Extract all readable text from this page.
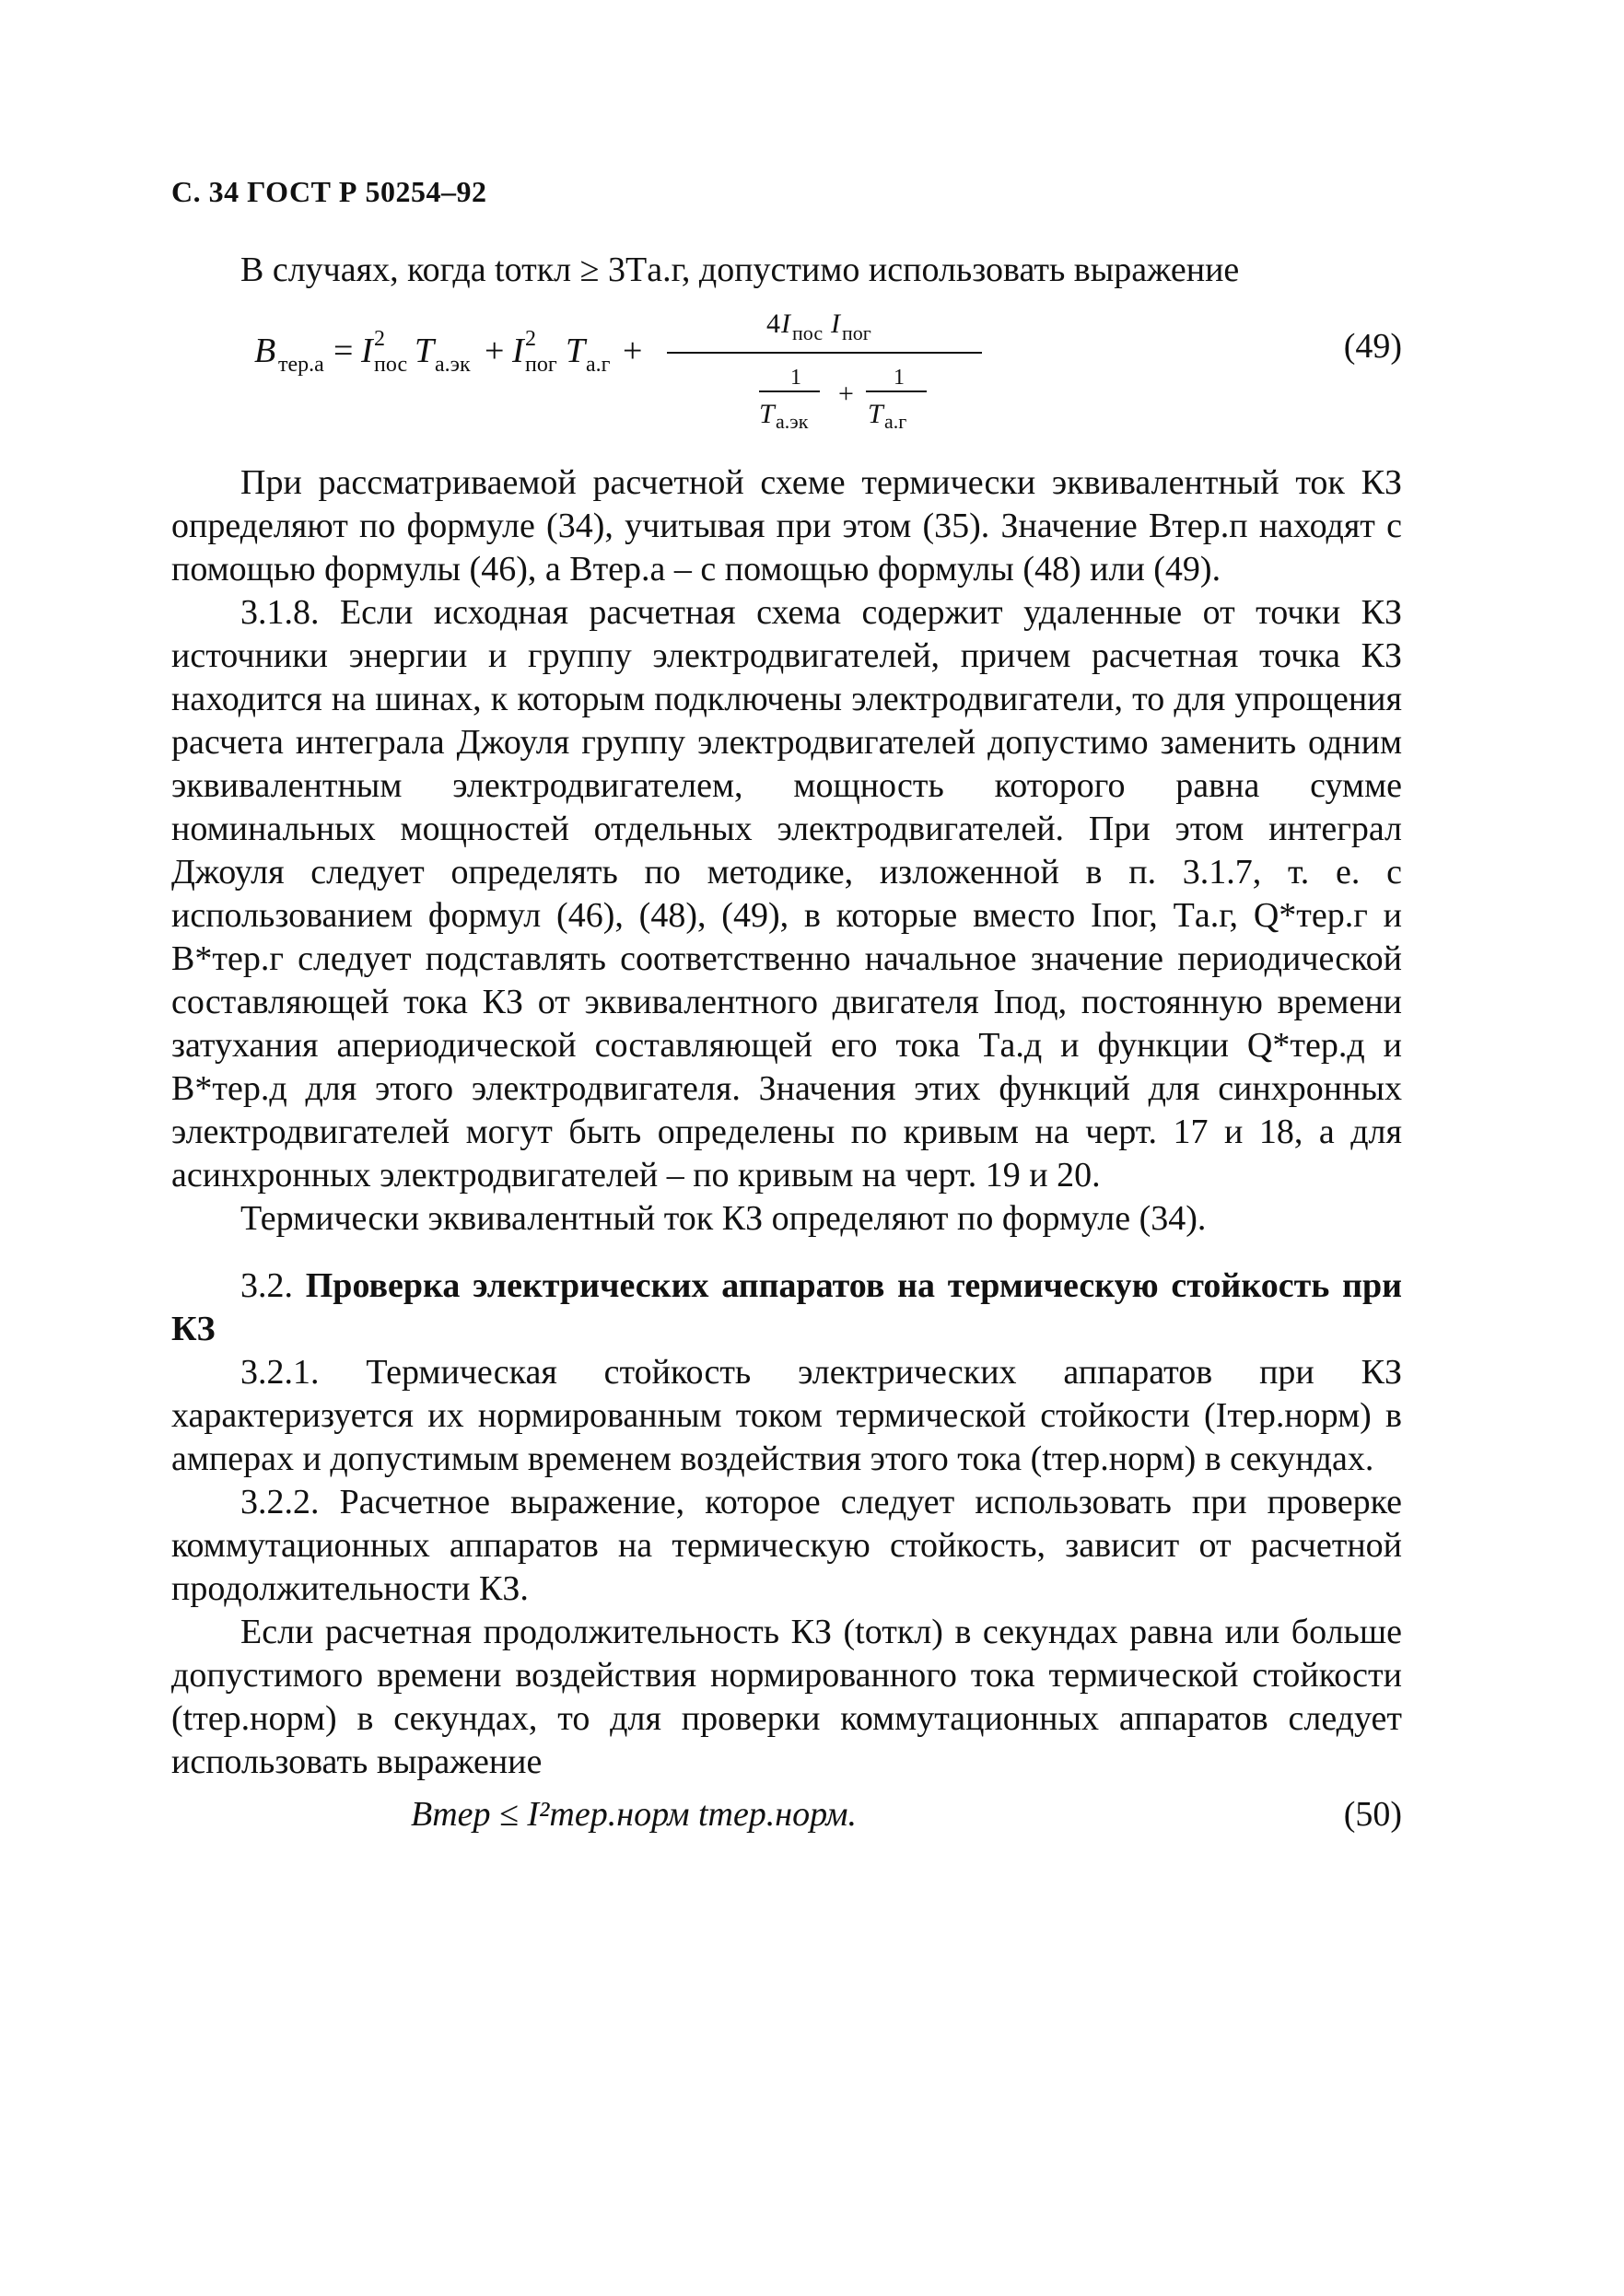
С. 34 ГОСТ Р 50254–92

В случаях, когда tоткл ≥ 3Tа.г, допустимо использовать выражение

B тер.а = I 2
пос T а.эк + I 2
пог T а.г +
4 I пос I пог
1
T а.эк
+
1
T а.г
(49)

При рассматриваемой расчетной схеме термически эквивалентный ток КЗ определяют по формуле (34), учитывая при этом (35). Значение Bтер.п находят с помощью формулы (46), а Bтер.а – с помощью формулы (48) или (49).

3.1.8. Если исходная расчетная схема содержит удаленные от точки КЗ источники энергии и группу электродвигателей, причем расчетная точка КЗ находится на шинах, к которым подключены электродвигатели, то для упрощения расчета интеграла Джоуля группу электродвигателей допустимо заменить одним эквивалентным электродвигателем, мощность которого равна сумме номинальных мощностей отдельных электродвигателей. При этом интеграл Джоуля следует определять по методике, изложенной в п. 3.1.7, т. е. с использованием формул (46), (48), (49), в которые вместо Iпог, Tа.г, Q*тер.г и B*тер.г следует подставлять соответственно начальное значение периодической составляющей тока КЗ от эквивалентного двигателя Iпод, постоянную времени затухания апериодической составляющей его тока Tа.д и функции Q*тер.д и B*тер.д для этого электродвигателя. Значения этих функций для синхронных электродвигателей могут быть определены по кривым на черт. 17 и 18, а для асинхронных электродвигателей – по кривым на черт. 19 и 20.

Термически эквивалентный ток КЗ определяют по формуле (34).

3.2. Проверка электрических аппаратов на термическую стойкость при КЗ

3.2.1. Термическая стойкость электрических аппаратов при КЗ характеризуется их нормированным током термической стойкости (Iтер.норм) в амперах и допустимым временем воздействия этого тока (tтер.норм) в секундах.

3.2.2. Расчетное выражение, которое следует использовать при проверке коммутационных аппаратов на термическую стойкость, зависит от расчетной продолжительности КЗ.

Если расчетная продолжительность КЗ (tоткл) в секундах равна или больше допустимого времени воздействия нормированного тока термической стойкости (tтер.норм) в секундах, то для проверки коммутационных аппаратов следует использовать выражение

Bтер ≤ I²тер.норм tтер.норм.	(50)
